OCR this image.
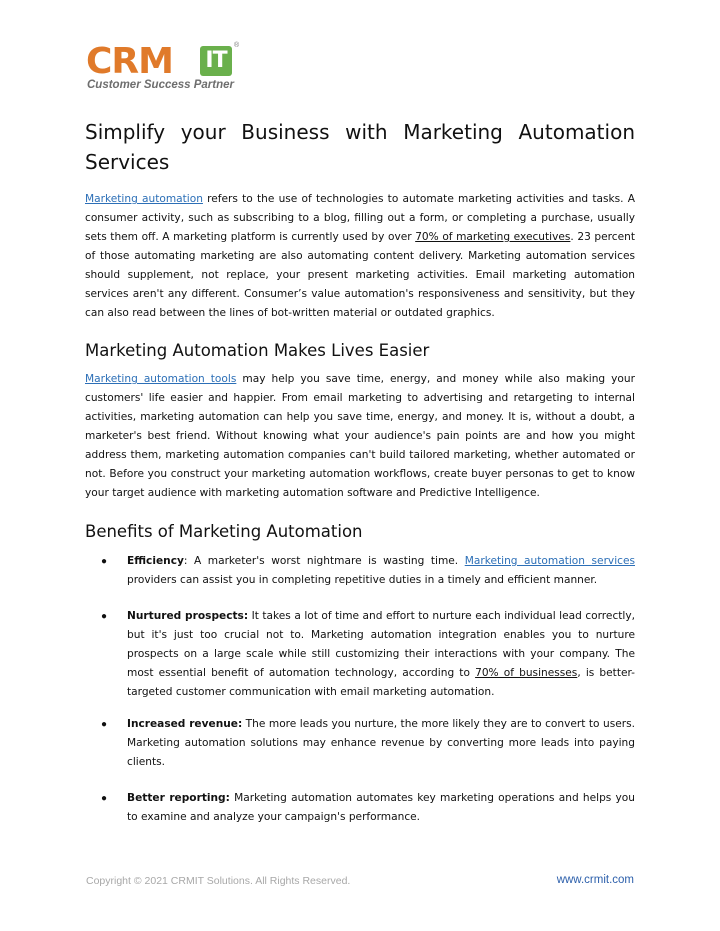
CRM IT
®
Customer Success Partner
Simplify your Business with Marketing Automation
Services
Marketing automation refers to the use of technologies to automate marketing activities and tasks. A consumer activity, such as subscribing to a blog, filling out a form, or completing a purchase, usually sets them off. A marketing platform is currently used by over 70% of marketing executives. 23 percent of those automating marketing are also automating content delivery. Marketing automation services should supplement, not replace, your present marketing activities. Email marketing automation services aren't any different. Consumer’s value automation's responsiveness and sensitivity, but they can also read between the lines of bot-written material or outdated graphics.
Marketing Automation Makes Lives Easier
Marketing automation tools may help you save time, energy, and money while also making your customers' life easier and happier. From email marketing to advertising and retargeting to internal activities, marketing automation can help you save time, energy, and money. It is, without a doubt, a marketer's best friend. Without knowing what your audience's pain points are and how you might address them, marketing automation companies can't build tailored marketing, whether automated or not. Before you construct your marketing automation workflows, create buyer personas to get to know your target audience with marketing automation software and Predictive Intelligence.
Benefits of Marketing Automation
● Efficiency: A marketer's worst nightmare is wasting time. Marketing automation services providers can assist you in completing repetitive duties in a timely and efficient manner.
● Nurtured prospects: It takes a lot of time and effort to nurture each individual lead correctly, but it's just too crucial not to. Marketing automation integration enables you to nurture prospects on a large scale while still customizing their interactions with your company. The most essential benefit of automation technology, according to 70% of businesses, is better-targeted customer communication with email marketing automation.
● Increased revenue: The more leads you nurture, the more likely they are to convert to users. Marketing automation solutions may enhance revenue by converting more leads into paying clients.
● Better reporting: Marketing automation automates key marketing operations and helps you to examine and analyze your campaign's performance.
Copyright © 2021 CRMIT Solutions. All Rights Reserved.	www.crmit.com
